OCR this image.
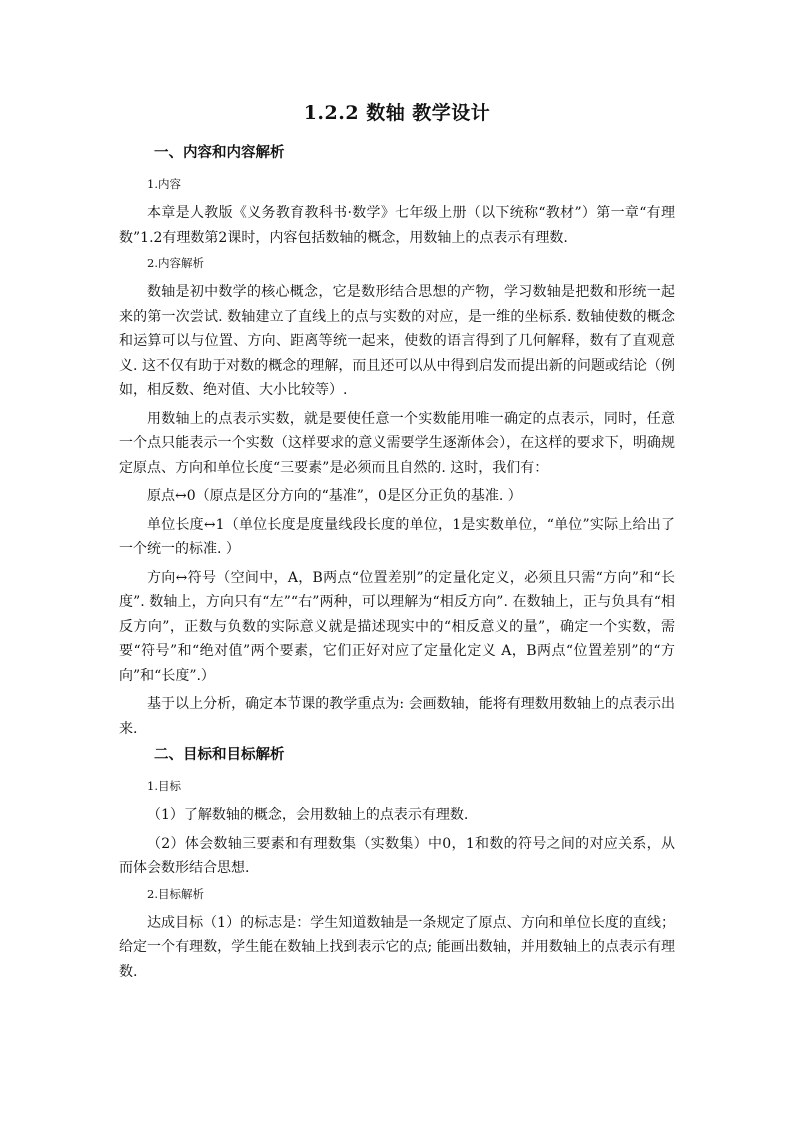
1.2.2 数轴 教学设计
一、内容和内容解析
1.内容

本章是人教版《义务教育教科书·数学》七年级上册（以下统称“教材”）第一章“有理数”1.2有理数第2课时，内容包括数轴的概念，用数轴上的点表示有理数.

2.内容解析

数轴是初中数学的核心概念，它是数形结合思想的产物，学习数轴是把数和形统一起来的第一次尝试. 数轴建立了直线上的点与实数的对应，是一维的坐标系. 数轴使数的概念和运算可以与位置、方向、距离等统一起来，使数的语言得到了几何解释，数有了直观意义. 这不仅有助于对数的概念的理解，而且还可以从中得到启发而提出新的问题或结论（例如，相反数、绝对值、大小比较等）.

用数轴上的点表示实数，就是要使任意一个实数能用唯一确定的点表示，同时，任意一个点只能表示一个实数（这样要求的意义需要学生逐渐体会），在这样的要求下，明确规定原点、方向和单位长度“三要素”是必须而且自然的. 这时，我们有：

原点↔0（原点是区分方向的“基准”，0是区分正负的基准. ）

单位长度↔1（单位长度是度量线段长度的单位，1是实数单位，“单位”实际上给出了一个统一的标准. ）

方向↔符号（空间中，A，B两点“位置差别”的定量化定义，必须且只需“方向”和“长度”. 数轴上，方向只有“左”“右”两种，可以理解为“相反方向”. 在数轴上，正与负具有“相反方向”，正数与负数的实际意义就是描述现实中的“相反意义的量”，确定一个实数，需要“符号”和“绝对值”两个要素，它们正好对应了定量化定义 A，B两点“位置差别”的“方向”和“长度”.）

基于以上分析，确定本节课的教学重点为: 会画数轴，能将有理数用数轴上的点表示出来.

二、目标和目标解析
1.目标

（1）了解数轴的概念，会用数轴上的点表示有理数.

（2）体会数轴三要素和有理数集（实数集）中0，1和数的符号之间的对应关系，从而体会数形结合思想.

2.目标解析

达成目标（1）的标志是：学生知道数轴是一条规定了原点、方向和单位长度的直线；给定一个有理数，学生能在数轴上找到表示它的点; 能画出数轴，并用数轴上的点表示有理数.
